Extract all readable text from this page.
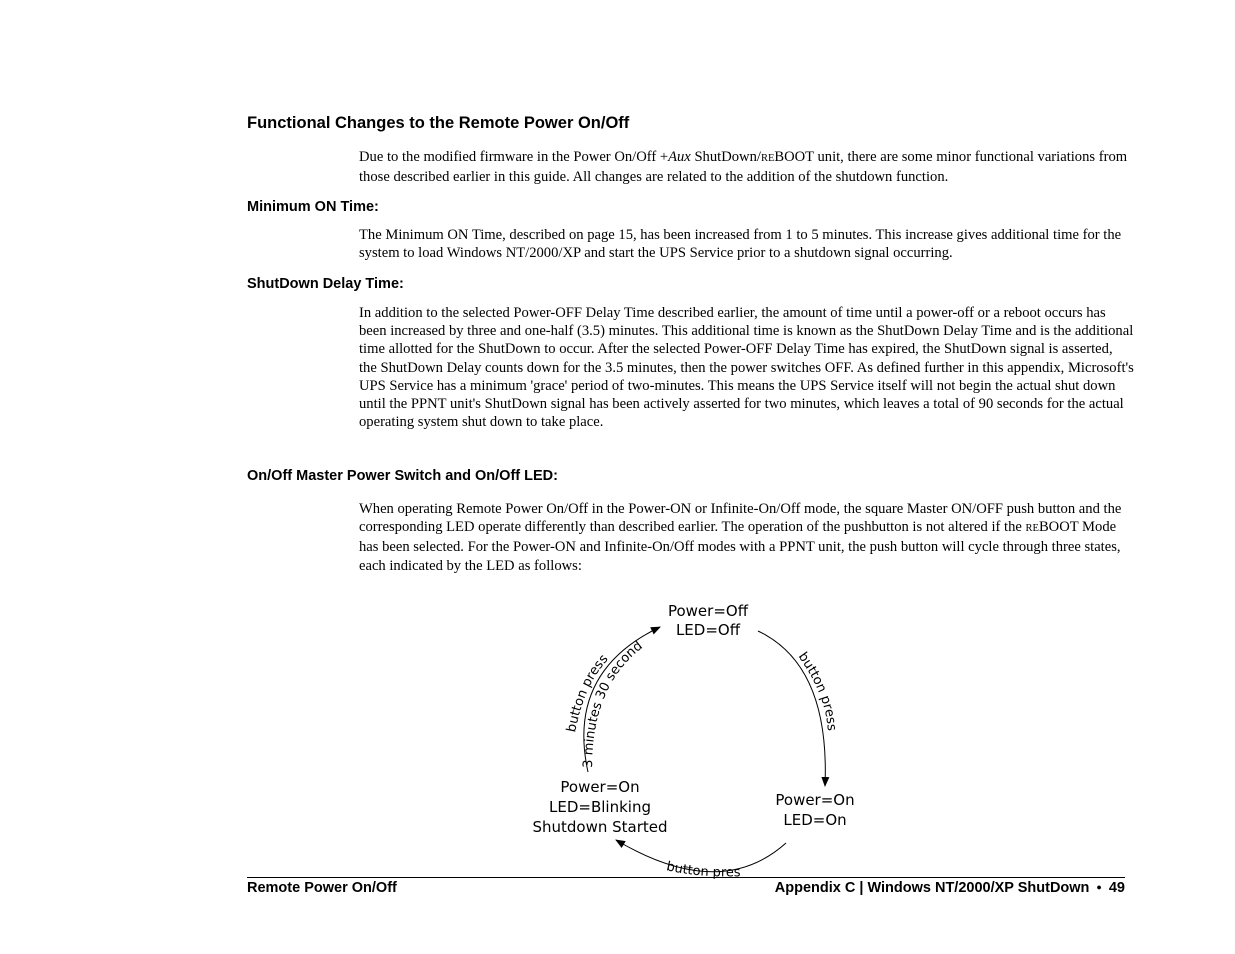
Functional Changes to the Remote Power On/Off

Due to the modified firmware in the Power On/Off +Aux ShutDown/REBOOT unit, there are some minor functional variations from those described earlier in this guide. All changes are related to the addition of the shutdown function.

Minimum ON Time:

The Minimum ON Time, described on page 15, has been increased from 1 to 5 minutes. This increase gives additional time for the system to load Windows NT/2000/XP and start the UPS Service prior to a shutdown signal occurring.

ShutDown Delay Time:

In addition to the selected Power-OFF Delay Time described earlier, the amount of time until a power-off or a reboot occurs has been increased by three and one-half (3.5) minutes. This additional time is known as the ShutDown Delay Time and is the additional time allotted for the ShutDown to occur. After the selected Power-OFF Delay Time has expired, the ShutDown signal is asserted, the ShutDown Delay counts down for the 3.5 minutes, then the power switches OFF. As defined further in this appendix, Microsoft's UPS Service has a minimum 'grace' period of two-minutes. This means the UPS Service itself will not begin the actual shut down until the PPNT unit's ShutDown signal has been actively asserted for two minutes, which leaves a total of 90 seconds for the actual operating system shut down to take place.

On/Off Master Power Switch and On/Off LED:

When operating Remote Power On/Off in the Power-ON or Infinite-On/Off mode, the square Master ON/OFF push button and the corresponding LED operate differently than described earlier. The operation of the pushbutton is not altered if the REBOOT Mode has been selected. For the Power-ON and Infinite-On/Off modes with a PPNT unit, the push button will cycle through three states, each indicated by the LED as follows:

Power=Off
LED=Off
Power=On
LED=On
Power=On
LED=Blinking
Shutdown Started
button press
button pres
button press
3 minutes 30 second
Remote Power On/Off	Appendix C | Windows NT/2000/XP ShutDown ● 49
